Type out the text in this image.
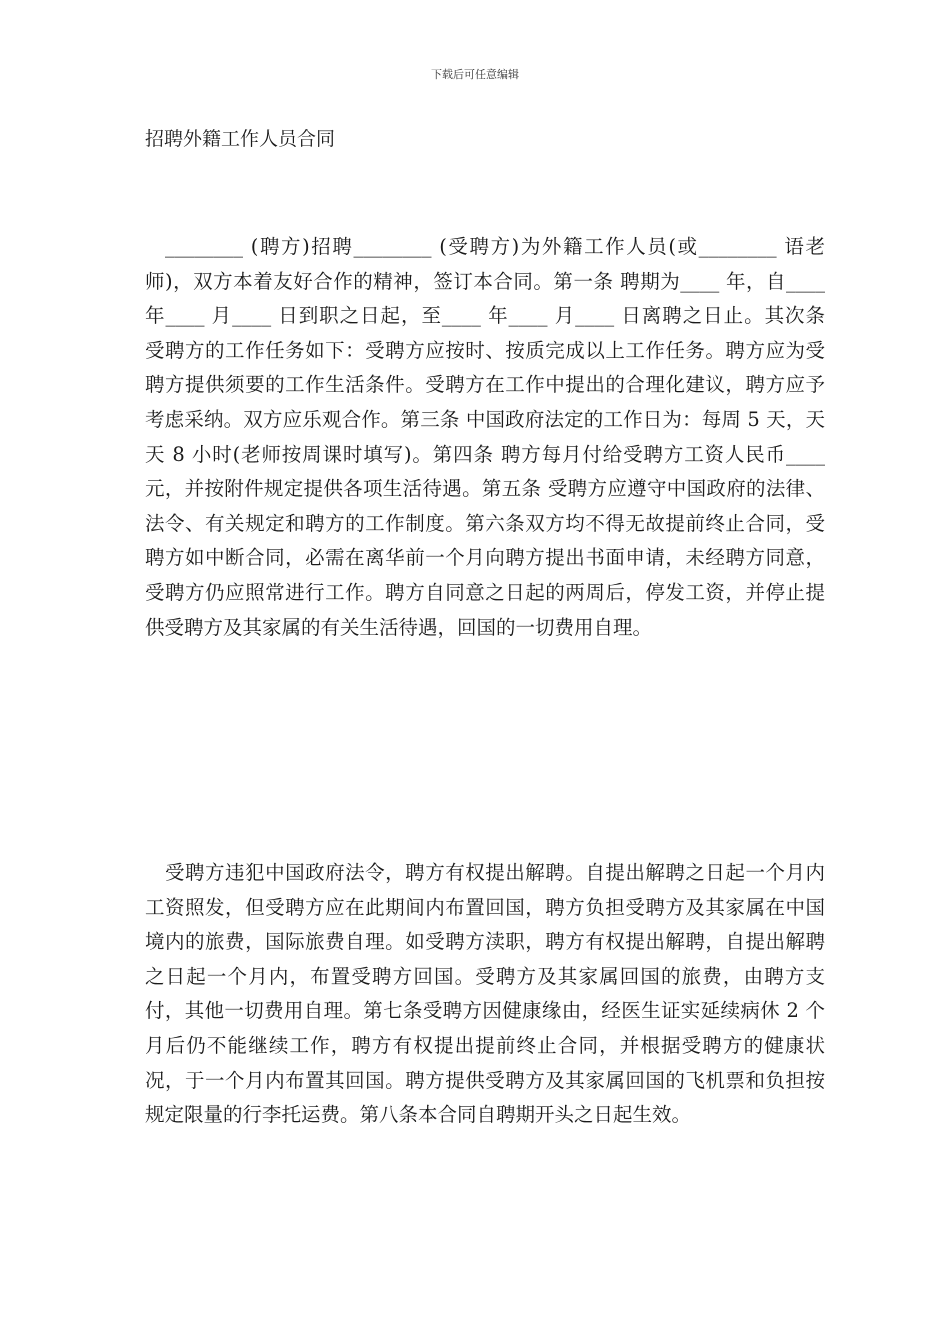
下载后可任意编辑
招聘外籍工作人员合同

________ (聘方)招聘________ (受聘方)为外籍工作人员(或________ 语老师)，双方本着友好合作的精神，签订本合同。第一条 聘期为____ 年，自____ 年____ 月____ 日到职之日起，至____ 年____ 月____ 日离聘之日止。其次条 受聘方的工作任务如下：受聘方应按时、按质完成以上工作任务。聘方应为受聘方提供须要的工作生活条件。受聘方在工作中提出的合理化建议，聘方应予考虑采纳。双方应乐观合作。第三条 中国政府法定的工作日为：每周 5 天，天天 8 小时(老师按周课时填写)。第四条 聘方每月付给受聘方工资人民币____ 元，并按附件规定提供各项生活待遇。第五条 受聘方应遵守中国政府的法律、法令、有关规定和聘方的工作制度。第六条双方均不得无故提前终止合同，受聘方如中断合同，必需在离华前一个月向聘方提出书面申请，未经聘方同意，受聘方仍应照常进行工作。聘方自同意之日起的两周后，停发工资，并停止提供受聘方及其家属的有关生活待遇，回国的一切费用自理。

受聘方违犯中国政府法令，聘方有权提出解聘。自提出解聘之日起一个月内工资照发，但受聘方应在此期间内布置回国，聘方负担受聘方及其家属在中国境内的旅费，国际旅费自理。如受聘方渎职，聘方有权提出解聘，自提出解聘之日起一个月内，布置受聘方回国。受聘方及其家属回国的旅费，由聘方支付，其他一切费用自理。第七条受聘方因健康缘由，经医生证实延续病休 2 个月后仍不能继续工作，聘方有权提出提前终止合同，并根据受聘方的健康状况，于一个月内布置其回国。聘方提供受聘方及其家属回国的飞机票和负担按规定限量的行李托运费。第八条本合同自聘期开头之日起生效。
